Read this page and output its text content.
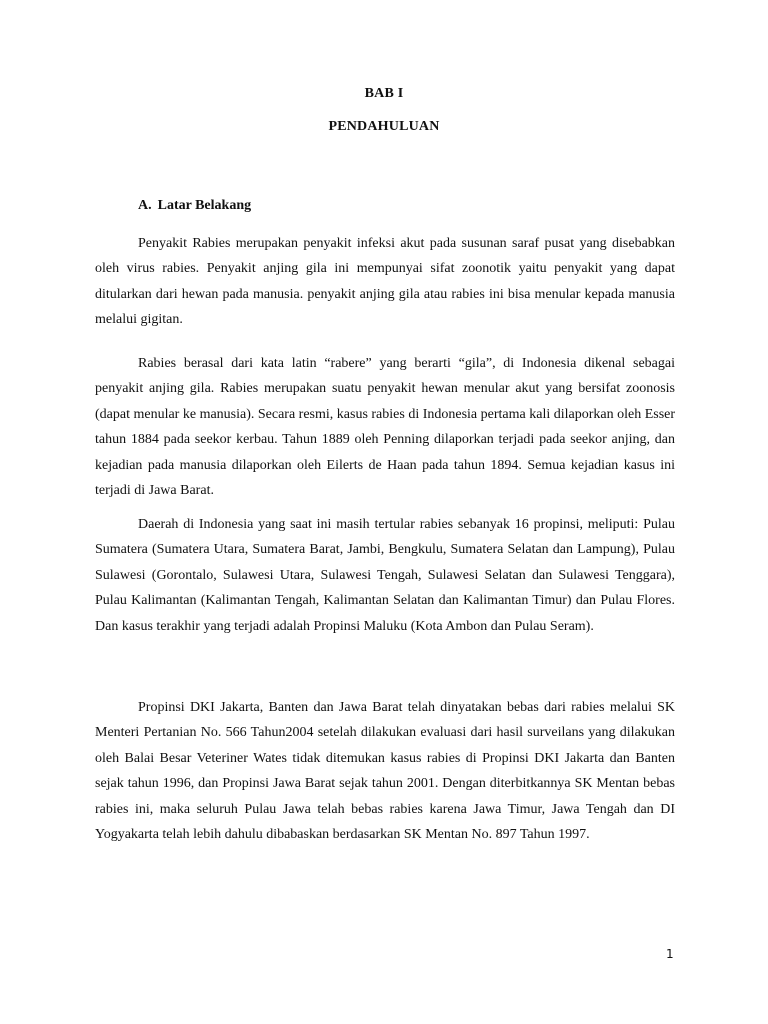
BAB I
PENDAHULUAN
A. Latar Belakang

Penyakit Rabies merupakan penyakit infeksi akut pada susunan saraf pusat yang disebabkan oleh virus rabies. Penyakit anjing gila ini mempunyai sifat zoonotik yaitu penyakit yang dapat ditularkan dari hewan pada manusia. penyakit anjing gila atau rabies ini bisa menular kepada manusia melalui gigitan.

Rabies berasal dari kata latin “rabere” yang berarti “gila”, di Indonesia dikenal sebagai penyakit anjing gila. Rabies merupakan suatu penyakit hewan menular akut yang bersifat zoonosis (dapat menular ke manusia). Secara resmi, kasus rabies di Indonesia pertama kali dilaporkan oleh Esser tahun 1884 pada seekor kerbau. Tahun 1889 oleh Penning dilaporkan terjadi pada seekor anjing, dan kejadian pada manusia dilaporkan oleh Eilerts de Haan pada tahun 1894. Semua kejadian kasus ini terjadi di Jawa Barat.

Daerah di Indonesia yang saat ini masih tertular rabies sebanyak 16 propinsi, meliputi: Pulau Sumatera (Sumatera Utara, Sumatera Barat, Jambi, Bengkulu, Sumatera Selatan dan Lampung), Pulau Sulawesi (Gorontalo, Sulawesi Utara, Sulawesi Tengah, Sulawesi Selatan dan Sulawesi Tenggara), Pulau Kalimantan (Kalimantan Tengah, Kalimantan Selatan dan Kalimantan Timur) dan Pulau Flores. Dan kasus terakhir yang terjadi adalah Propinsi Maluku (Kota Ambon dan Pulau Seram).

Propinsi DKI Jakarta, Banten dan Jawa Barat telah dinyatakan bebas dari rabies melalui SK Menteri Pertanian No. 566 Tahun2004 setelah dilakukan evaluasi dari hasil surveilans yang dilakukan oleh Balai Besar Veteriner Wates tidak ditemukan kasus rabies di Propinsi DKI Jakarta dan Banten sejak tahun 1996, dan Propinsi Jawa Barat sejak tahun 2001. Dengan diterbitkannya SK Mentan bebas rabies ini, maka seluruh Pulau Jawa telah bebas rabies karena Jawa Timur, Jawa Tengah dan DI Yogyakarta telah lebih dahulu dibabaskan berdasarkan SK Mentan No. 897 Tahun 1997.

1
